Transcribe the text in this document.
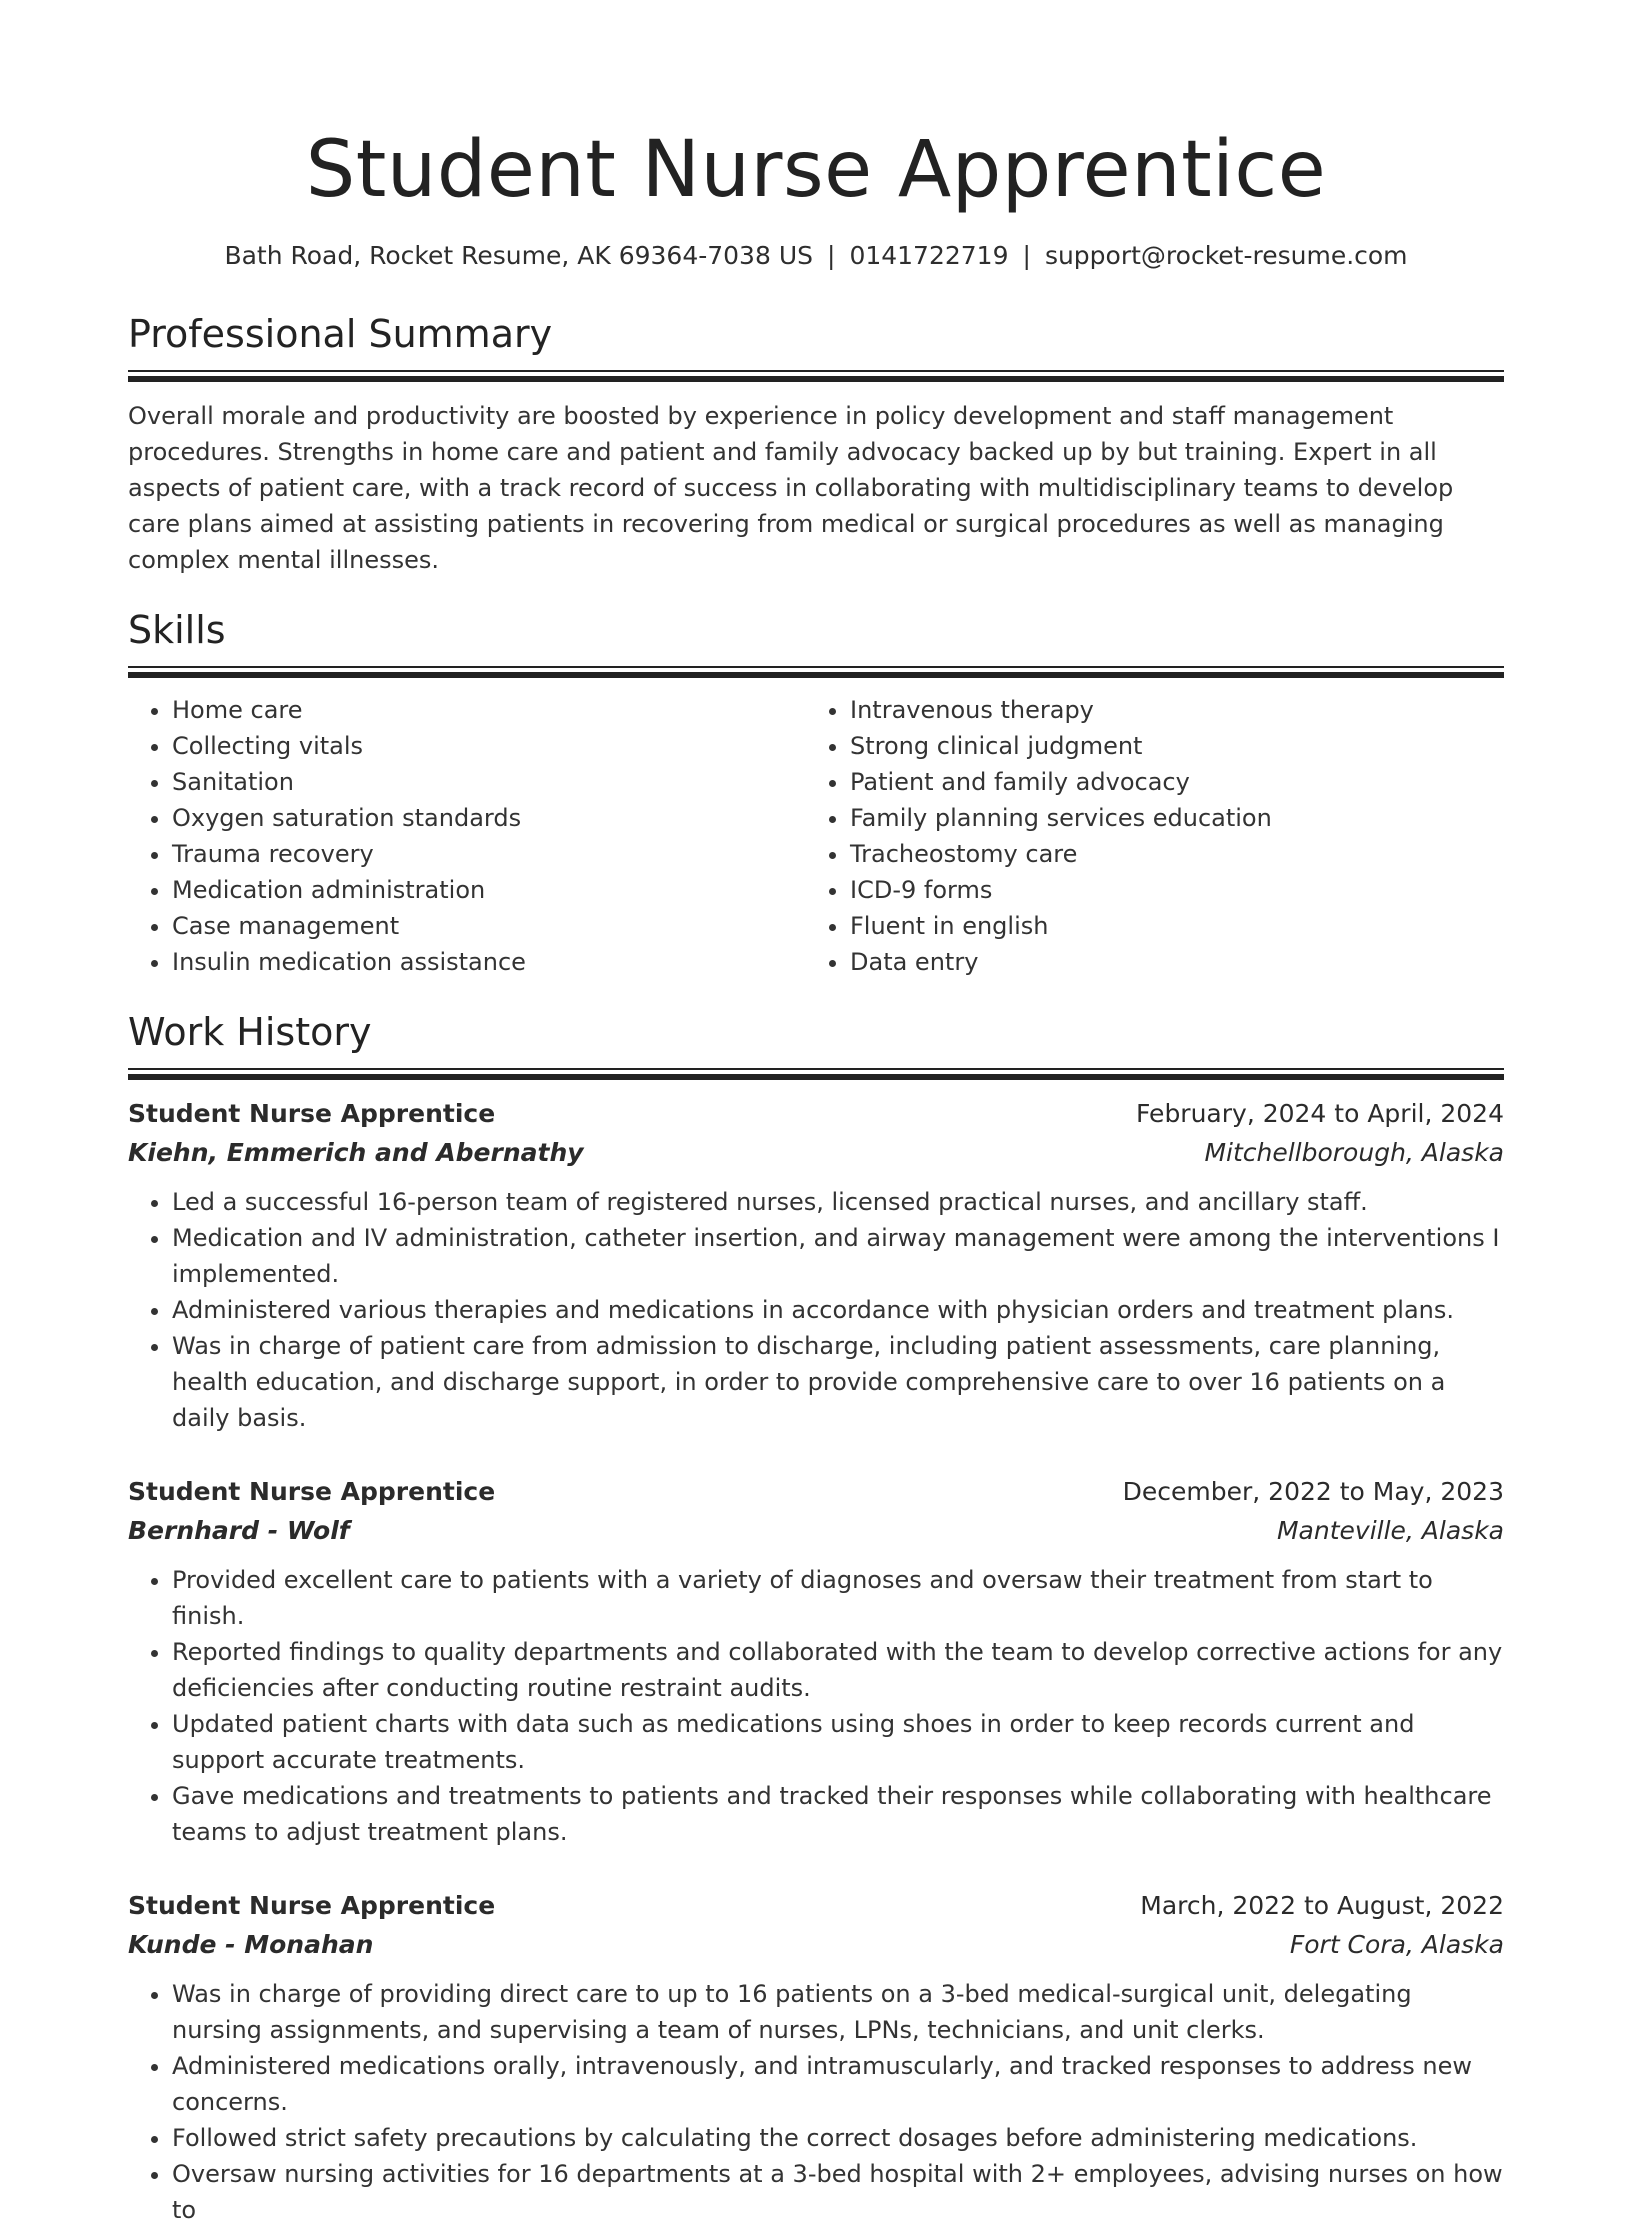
Student Nurse Apprentice
Bath Road, Rocket Resume, AK 69364-7038 US | 0141722719 | support@rocket-resume.com
Professional Summary

Overall morale and productivity are boosted by experience in policy development and staff management procedures. Strengths in home care and patient and family advocacy backed up by but training. Expert in all aspects of patient care, with a track record of success in collaborating with multidisciplinary teams to develop care plans aimed at assisting patients in recovering from medical or surgical procedures as well as managing complex mental illnesses.

Skills
• Home care
• Collecting vitals
• Sanitation
• Oxygen saturation standards
• Trauma recovery
• Medication administration
• Case management
• Insulin medication assistance
• Intravenous therapy
• Strong clinical judgment
• Patient and family advocacy
• Family planning services education
• Tracheostomy care
• ICD-9 forms
• Fluent in english
• Data entry
Work History
Student Nurse Apprentice	February, 2024 to April, 2024
Kiehn, Emmerich and Abernathy	Mitchellborough, Alaska
• Led a successful 16-person team of registered nurses, licensed practical nurses, and ancillary staff.
• Medication and IV administration, catheter insertion, and airway management were among the interventions I implemented.
• Administered various therapies and medications in accordance with physician orders and treatment plans.
• Was in charge of patient care from admission to discharge, including patient assessments, care planning, health education, and discharge support, in order to provide comprehensive care to over 16 patients on a daily basis.
Student Nurse Apprentice	December, 2022 to May, 2023
Bernhard - Wolf	Manteville, Alaska
• Provided excellent care to patients with a variety of diagnoses and oversaw their treatment from start to finish.
• Reported findings to quality departments and collaborated with the team to develop corrective actions for any deficiencies after conducting routine restraint audits.
• Updated patient charts with data such as medications using shoes in order to keep records current and support accurate treatments.
• Gave medications and treatments to patients and tracked their responses while collaborating with healthcare teams to adjust treatment plans.
Student Nurse Apprentice	March, 2022 to August, 2022
Kunde - Monahan	Fort Cora, Alaska
• Was in charge of providing direct care to up to 16 patients on a 3-bed medical-surgical unit, delegating nursing assignments, and supervising a team of nurses, LPNs, technicians, and unit clerks.
• Administered medications orally, intravenously, and intramuscularly, and tracked responses to address new concerns.
• Followed strict safety precautions by calculating the correct dosages before administering medications.
• Oversaw nursing activities for 16 departments at a 3-bed hospital with 2+ employees, advising nurses on how to
